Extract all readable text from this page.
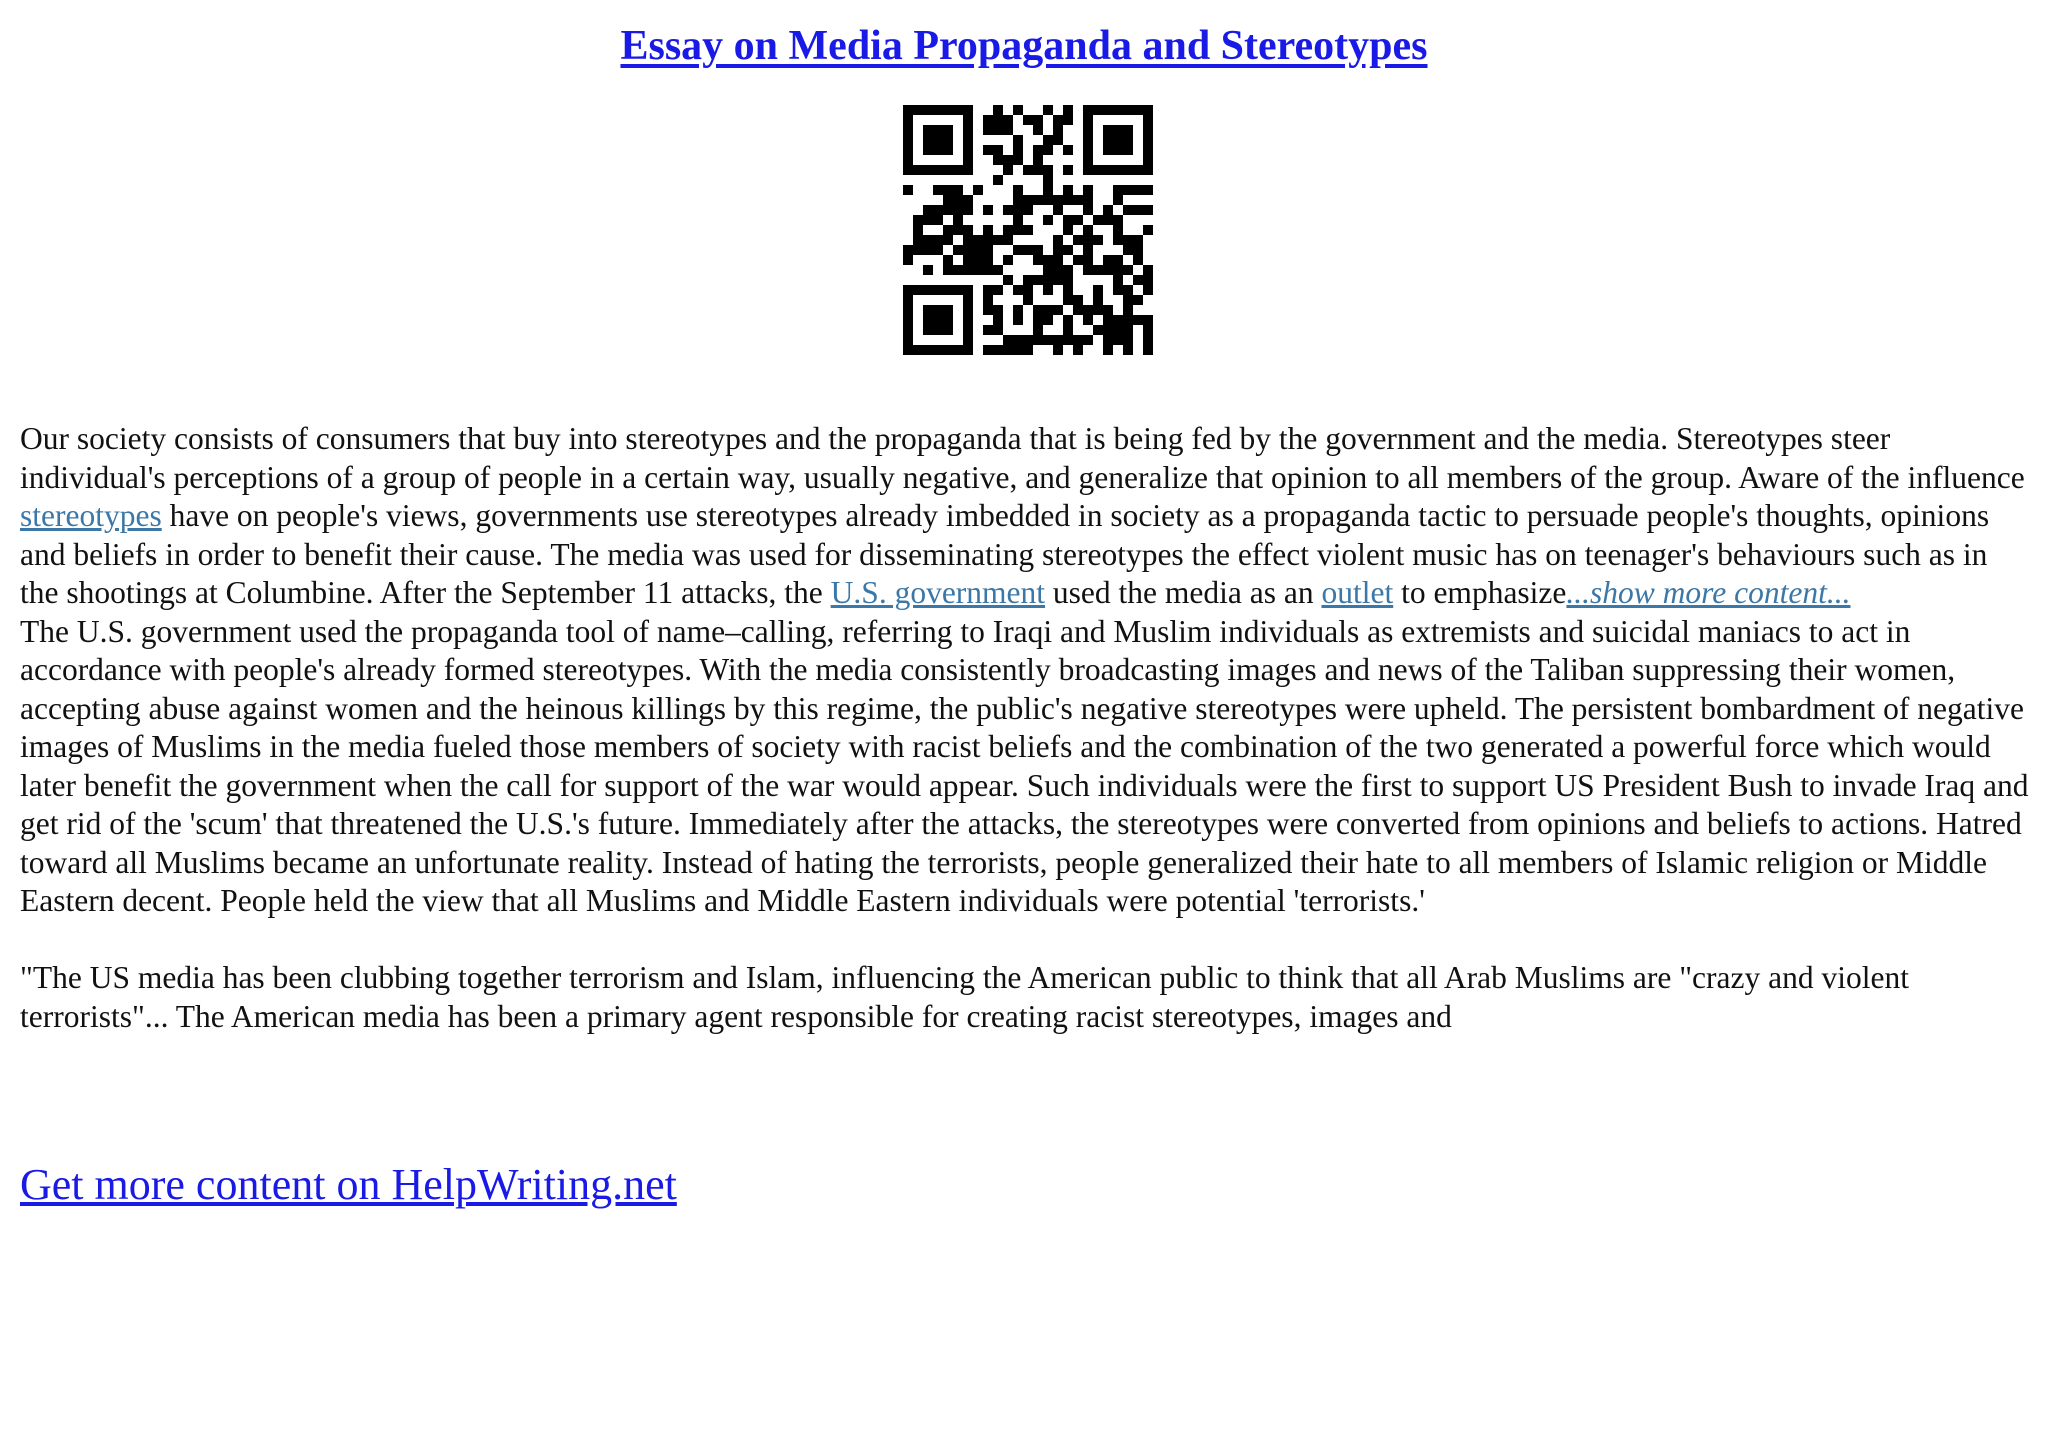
Essay on Media Propaganda and Stereotypes

Our society consists of consumers that buy into stereotypes and the propaganda that is being fed by the government and the media. Stereotypes steer individual's perceptions of a group of people in a certain way, usually negative, and generalize that opinion to all members of the group. Aware of the influence stereotypes have on people's views, governments use stereotypes already imbedded in society as a propaganda tactic to persuade people's thoughts, opinions and beliefs in order to benefit their cause. The media was used for disseminating stereotypes the effect violent music has on teenager's behaviours such as in the shootings at Columbine. After the September 11 attacks, the U.S. government used the media as an outlet to emphasize...show more content...

The U.S. government used the propaganda tool of name–calling, referring to Iraqi and Muslim individuals as extremists and suicidal maniacs to act in accordance with people's already formed stereotypes. With the media consistently broadcasting images and news of the Taliban suppressing their women, accepting abuse against women and the heinous killings by this regime, the public's negative stereotypes were upheld. The persistent bombardment of negative images of Muslims in the media fueled those members of society with racist beliefs and the combination of the two generated a powerful force which would later benefit the government when the call for support of the war would appear. Such individuals were the first to support US President Bush to invade Iraq and get rid of the 'scum' that threatened the U.S.'s future. Immediately after the attacks, the stereotypes were converted from opinions and beliefs to actions. Hatred toward all Muslims became an unfortunate reality. Instead of hating the terrorists, people generalized their hate to all members of Islamic religion or Middle Eastern decent. People held the view that all Muslims and Middle Eastern individuals were potential 'terrorists.'

"The US media has been clubbing together terrorism and Islam, influencing the American public to think that all Arab Muslims are "crazy and violent terrorists"... The American media has been a primary agent responsible for creating racist stereotypes, images and

Get more content on HelpWriting.net
